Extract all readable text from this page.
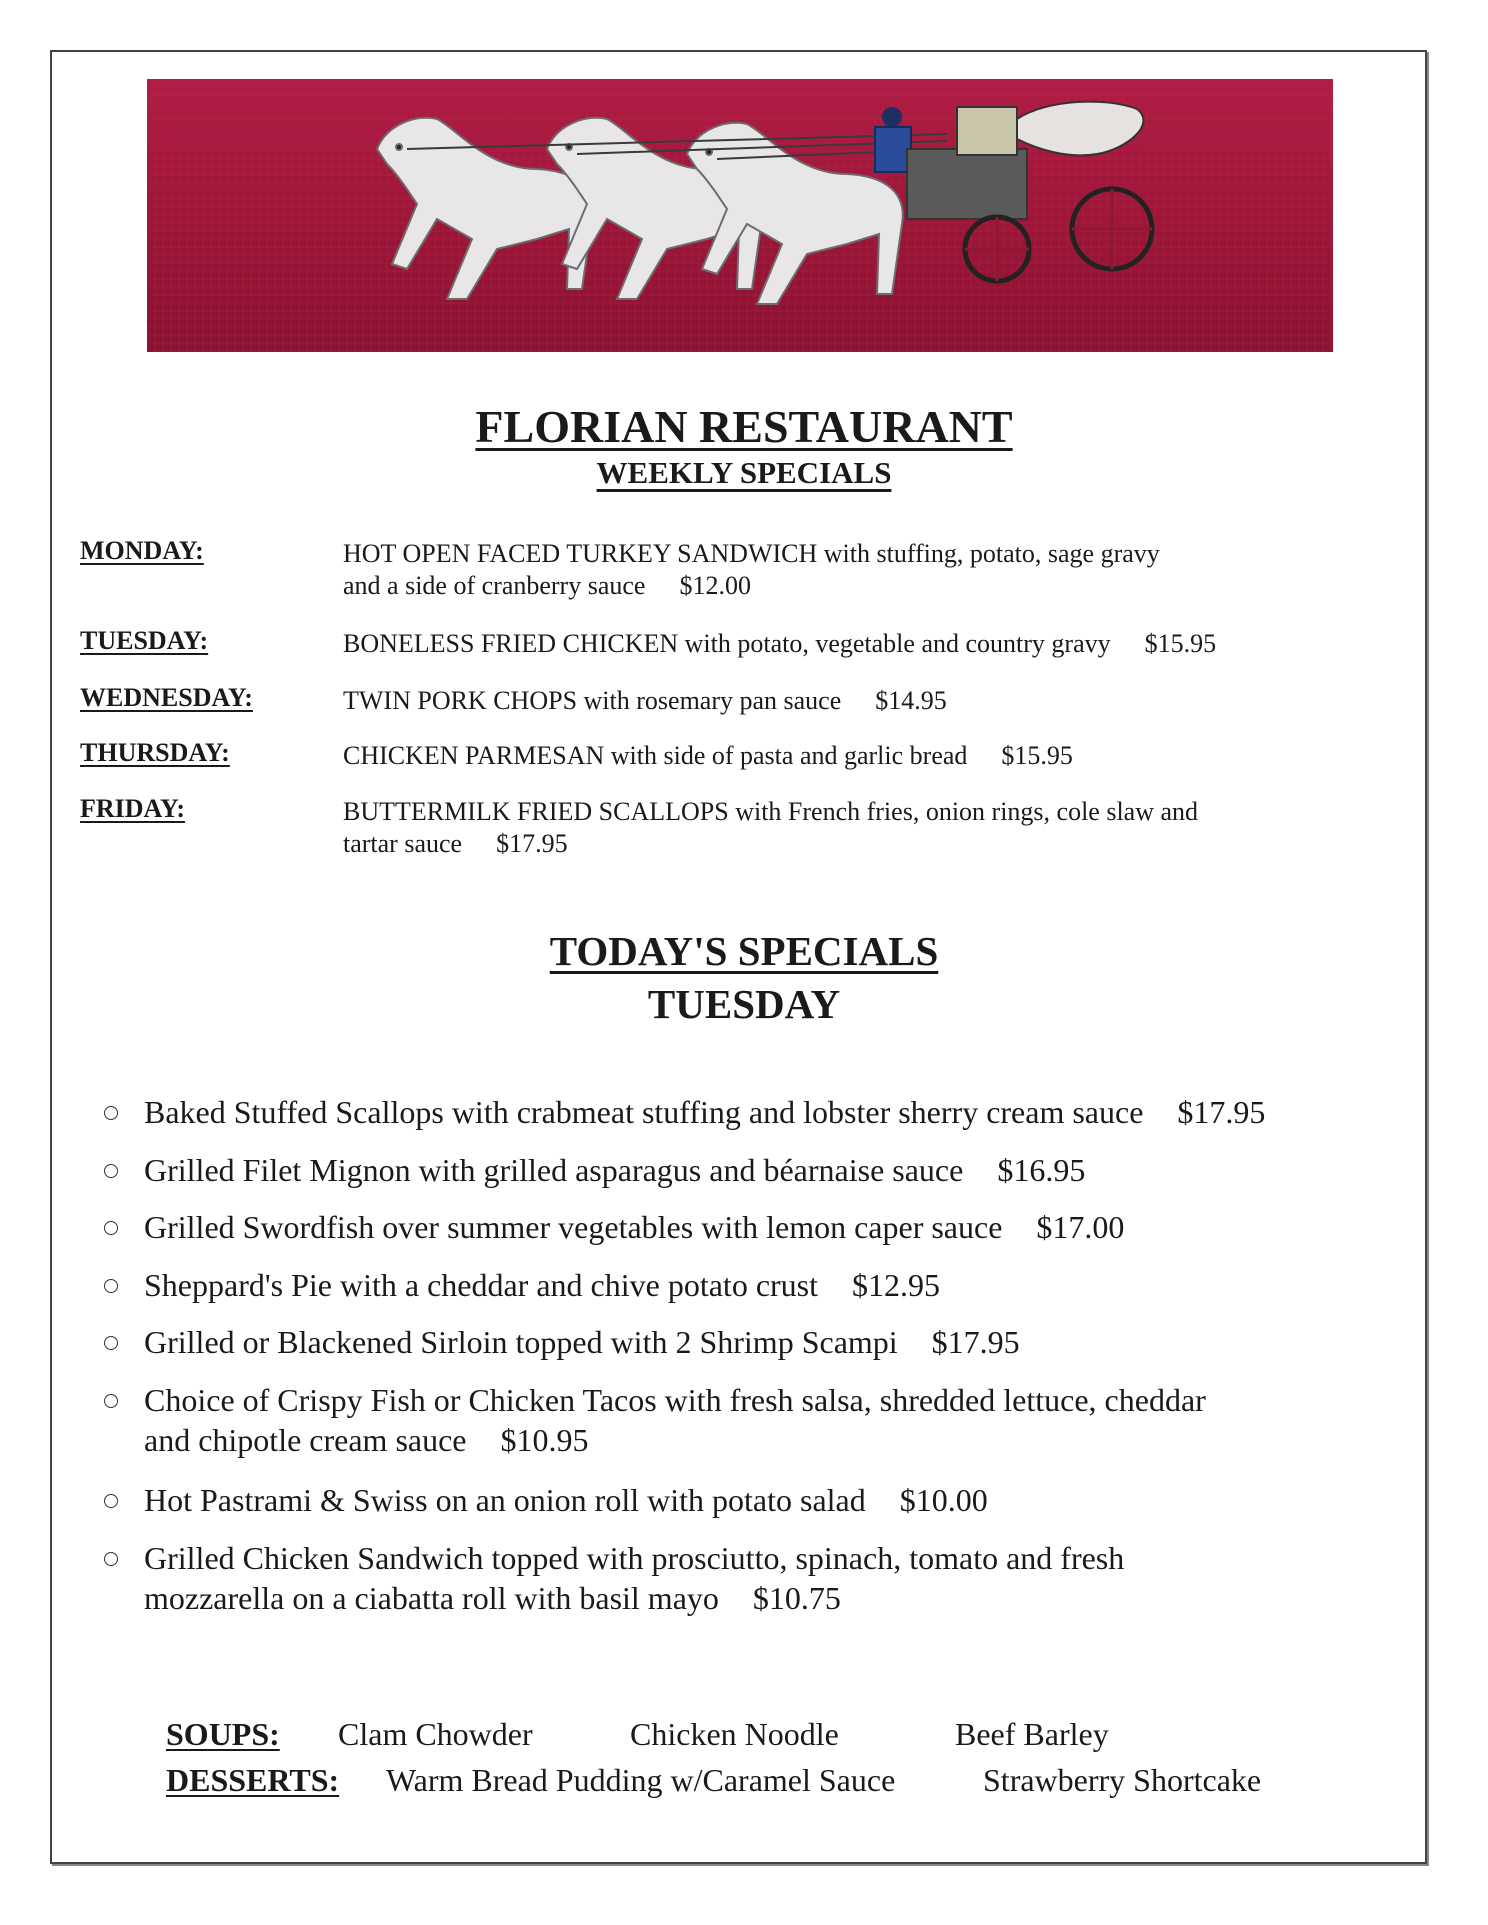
FLORIAN RESTAURANT
WEEKLY SPECIALS
MONDAY:	HOT OPEN FACED TURKEY SANDWICH with stuffing, potato, sage gravy
and a side of cranberry sauce $12.00
TUESDAY:	BONELESS FRIED CHICKEN with potato, vegetable and country gravy $15.95
WEDNESDAY:	TWIN PORK CHOPS with rosemary pan sauce $14.95
THURSDAY:	CHICKEN PARMESAN with side of pasta and garlic bread $15.95
FRIDAY:	BUTTERMILK FRIED SCALLOPS with French fries, onion rings, cole slaw and
tartar sauce $17.95
TODAY'S SPECIALS
TUESDAY
Baked Stuffed Scallops with crabmeat stuffing and lobster sherry cream sauce $17.95
Grilled Filet Mignon with grilled asparagus and béarnaise sauce $16.95
Grilled Swordfish over summer vegetables with lemon caper sauce $17.00
Sheppard's Pie with a cheddar and chive potato crust $12.95
Grilled or Blackened Sirloin topped with 2 Shrimp Scampi $17.95
Choice of Crispy Fish or Chicken Tacos with fresh salsa, shredded lettuce, cheddar
and chipotle cream sauce $10.95
Hot Pastrami & Swiss on an onion roll with potato salad $10.00
Grilled Chicken Sandwich topped with prosciutto, spinach, tomato and fresh
mozzarella on a ciabatta roll with basil mayo $10.75
SOUPS: Clam Chowder	Chicken Noodle	Beef Barley
DESSERTS: Warm Bread Pudding w/Caramel Sauce	Strawberry Shortcake
